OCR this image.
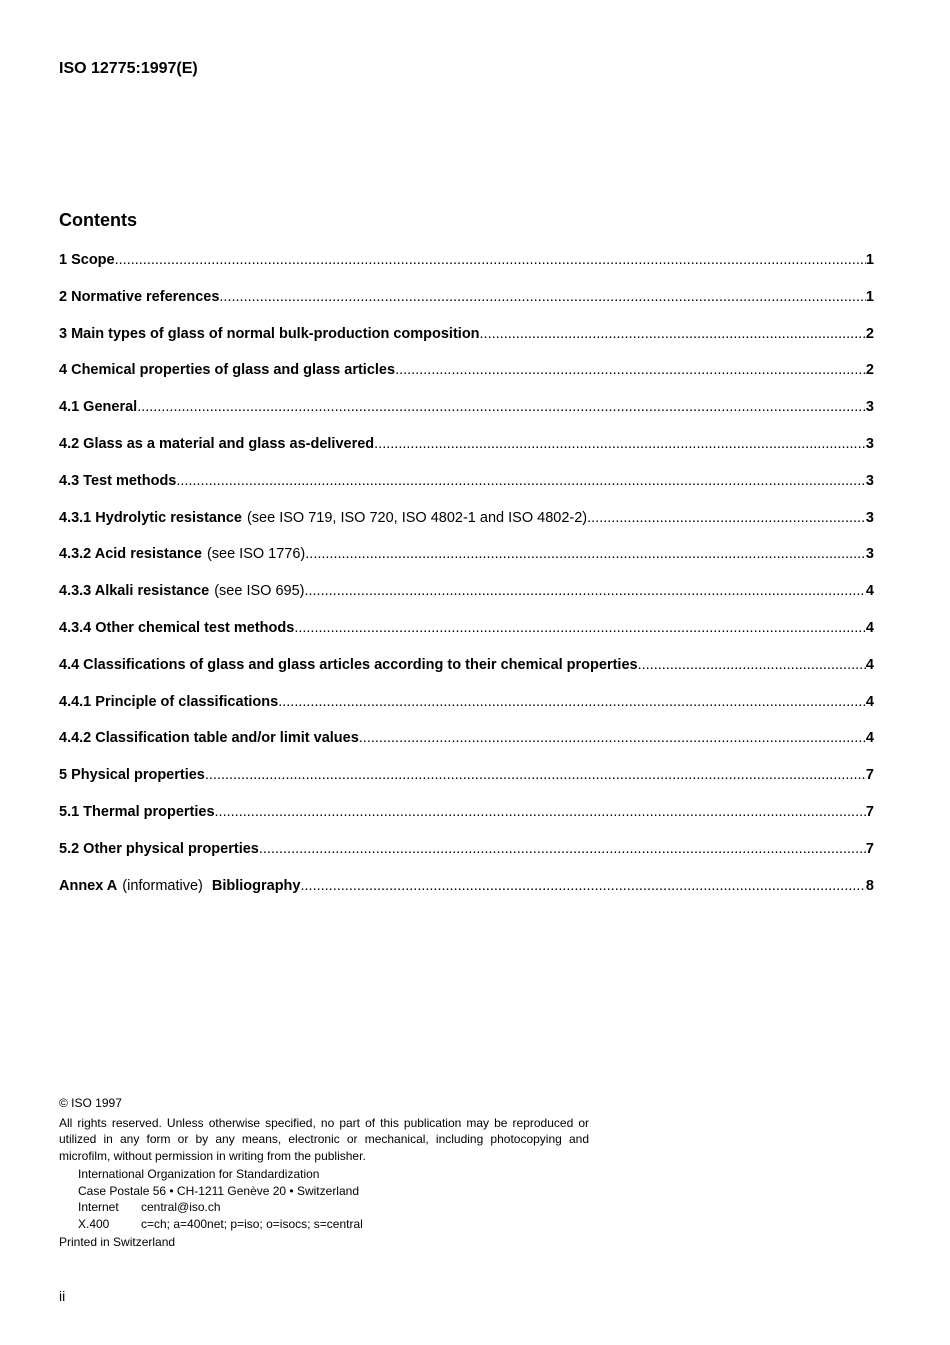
ISO 12775:1997(E)
Contents
1 Scope .....	1
2 Normative references .....	1
3 Main types of glass of normal bulk-production composition .....	2
4 Chemical properties of glass and glass articles .....	2
4.1 General .....	3
4.2 Glass as a material and glass as-delivered .....	3
4.3 Test methods .....	3
4.3.1 Hydrolytic resistance (see ISO 719, ISO 720, ISO 4802-1 and ISO 4802-2) .....	3
4.3.2 Acid resistance (see ISO 1776) .....	3
4.3.3 Alkali resistance (see ISO 695) .....	4
4.3.4 Other chemical test methods .....	4
4.4 Classifications of glass and glass articles according to their chemical properties .....	4
4.4.1 Principle of classifications .....	4
4.4.2 Classification table and/or limit values .....	4
5 Physical properties .....	7
5.1 Thermal properties .....	7
5.2 Other physical properties .....	7
Annex A (informative) Bibliography .....	8

© ISO 1997

All rights reserved. Unless otherwise specified, no part of this publication may be reproduced or utilized in any form or by any means, electronic or mechanical, including photocopying and microfilm, without permission in writing from the publisher.

International Organization for Standardization
Case Postale 56 • CH-1211 Genève 20 • Switzerland
Internet central@iso.ch
X.400	c=ch; a=400net; p=iso; o=isocs; s=central

Printed in Switzerland

ii
